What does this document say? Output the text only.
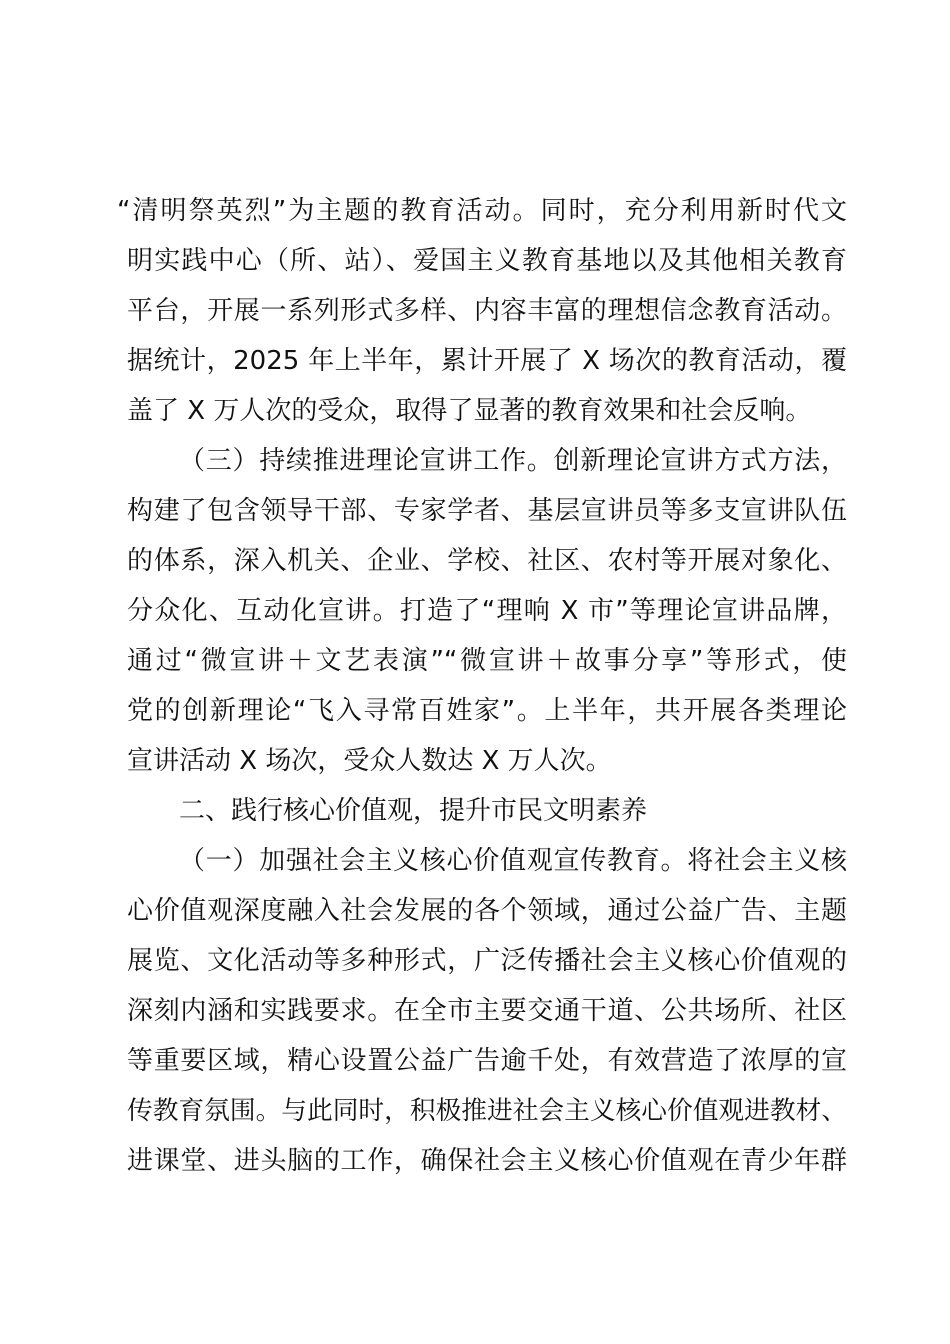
“清明祭英烈”为主题的教育活动。同时，充分利用新时代文
明实践中心（所、站）、爱国主义教育基地以及其他相关教育
平台，开展一系列形式多样、内容丰富的理想信念教育活动。
据统计，2025 年上半年，累计开展了 X 场次的教育活动，覆
盖了 X 万人次的受众，取得了显著的教育效果和社会反响。
（三）持续推进理论宣讲工作。创新理论宣讲方式方法，
构建了包含领导干部、专家学者、基层宣讲员等多支宣讲队伍
的体系，深入机关、企业、学校、社区、农村等开展对象化、
分众化、互动化宣讲。打造了“理响 X 市”等理论宣讲品牌，
通过“微宣讲＋文艺表演”“微宣讲＋故事分享”等形式，使
党的创新理论“飞入寻常百姓家”。上半年，共开展各类理论
宣讲活动 X 场次，受众人数达 X 万人次。
二、践行核心价值观，提升市民文明素养
（一）加强社会主义核心价值观宣传教育。将社会主义核
心价值观深度融入社会发展的各个领域，通过公益广告、主题
展览、文化活动等多种形式，广泛传播社会主义核心价值观的
深刻内涵和实践要求。在全市主要交通干道、公共场所、社区
等重要区域，精心设置公益广告逾千处，有效营造了浓厚的宣
传教育氛围。与此同时，积极推进社会主义核心价值观进教材、
进课堂、进头脑的工作，确保社会主义核心价值观在青少年群
